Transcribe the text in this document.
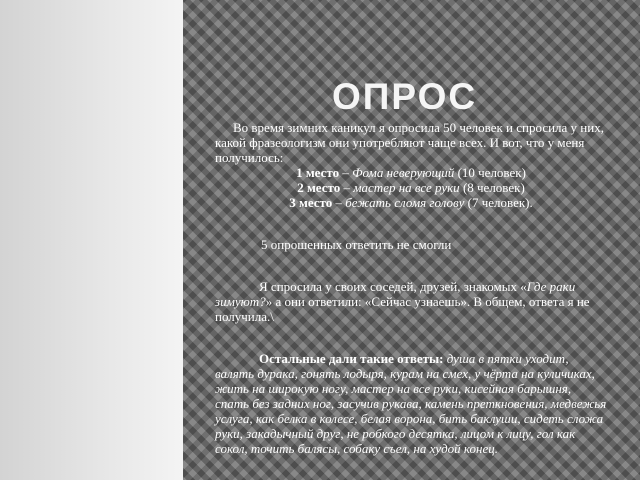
ОПРОС

Во время зимних каникул я опросила 50 человек и спросила у них, какой фразеологизм они употребляют чаще всех. И вот, что у меня получилось:

1 место – Фома неверующий (10 человек)

2 место – мастер на все руки (8 человек)

3 место – бежать сломя голову (7 человек).

5 опрошенных ответить не смогли

Я спросила у своих соседей, друзей, знакомых «Где раки зимуют?» а они ответили: «Сейчас узнаешь». В общем, ответа я не получила.\

Остальные дали такие ответы: душа в пятки уходит, валять дурака, гонять лодыря, курам на смех, у чёрта на куличиках, жить на широкую ногу, мастер на все руки, кисейная барышня, спать без задних ног, засучив рукава, камень преткновения, медвежья услуга, как белка в колесе, белая ворона, бить баклуши, сидеть сложа руки, закадычный друг, не робкого десятка, лицом к лицу, гол как сокол, точить балясы, собаку съел, на худой конец.
